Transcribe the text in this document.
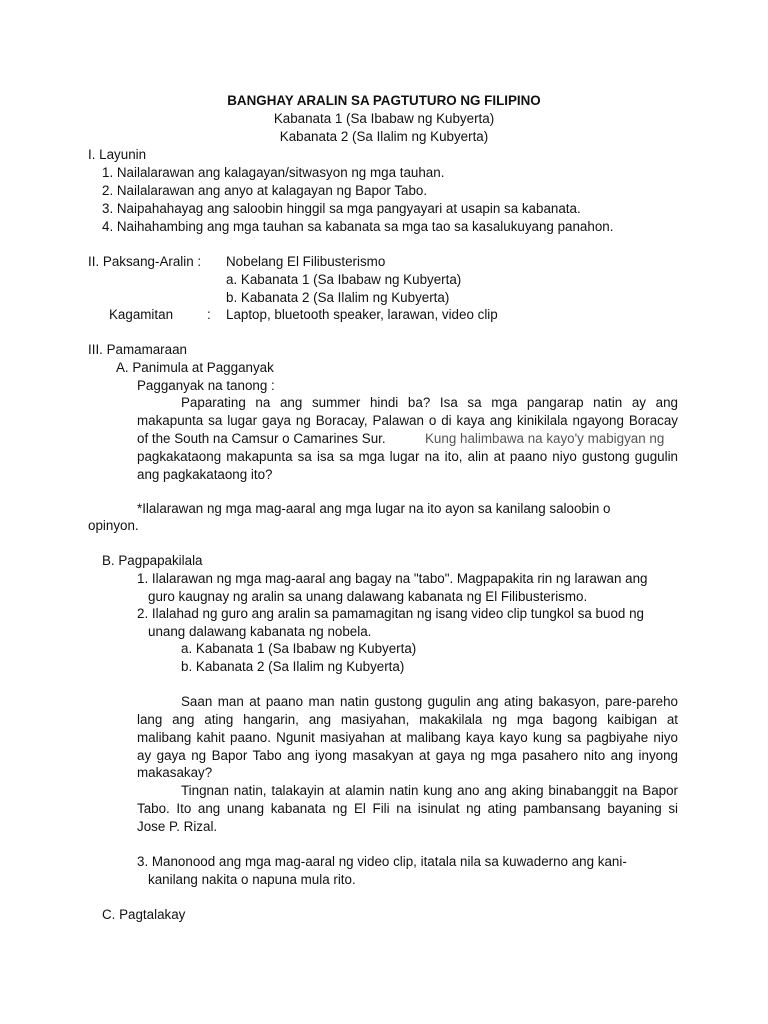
BANGHAY ARALIN SA PAGTUTURO NG FILIPINO
Kabanata 1 (Sa Ibabaw ng Kubyerta)
Kabanata 2 (Sa Ilalim ng Kubyerta)
I. Layunin
1. Nailalarawan ang kalagayan/sitwasyon ng mga tauhan.
2. Nailalarawan ang anyo at kalagayan ng Bapor Tabo.
3. Naipahahayag ang saloobin hinggil sa mga pangyayari at usapin sa kabanata.
4. Naihahambing ang mga tauhan sa kabanata sa mga tao sa kasalukuyang panahon.
II. Paksang-Aralin : Nobelang El Filibusterismo
a. Kabanata 1 (Sa Ibabaw ng Kubyerta)
b. Kabanata 2 (Sa Ilalim ng Kubyerta)
Kagamitan	: Laptop, bluetooth speaker, larawan, video clip
III. Pamamaraan
A. Panimula at Pagganyak
Pagganyak na tanong :
Paparating na ang summer hindi ba? Isa sa mga pangarap natin ay ang
makapunta sa lugar gaya ng Boracay, Palawan o di kaya ang kinikilala ngayong Boracay
of the South na Camsur o Camarines Sur.	Kung halimbawa na kayo'y mabigyan ng
pagkakataong makapunta sa isa sa mga lugar na ito, alin at paano niyo gustong gugulin
ang pagkakataong ito?
*Ilalarawan ng mga mag-aaral ang mga lugar na ito ayon sa kanilang saloobin o
opinyon.
B. Pagpapakilala
1. Ilalarawan ng mga mag-aaral ang bagay na "tabo". Magpapakita rin ng larawan ang
guro kaugnay ng aralin sa unang dalawang kabanata ng El Filibusterismo.
2. Ilalahad ng guro ang aralin sa pamamagitan ng isang video clip tungkol sa buod ng
unang dalawang kabanata ng nobela.
a. Kabanata 1 (Sa Ibabaw ng Kubyerta)
b. Kabanata 2 (Sa Ilalim ng Kubyerta)
Saan man at paano man natin gustong gugulin ang ating bakasyon, pare-pareho
lang ang ating hangarin, ang masiyahan, makakilala ng mga bagong kaibigan at
malibang kahit paano. Ngunit masiyahan at malibang kaya kayo kung sa pagbiyahe niyo
ay gaya ng Bapor Tabo ang iyong masakyan at gaya ng mga pasahero nito ang inyong
makasakay?
Tingnan natin, talakayin at alamin natin kung ano ang aking binabanggit na Bapor
Tabo. Ito ang unang kabanata ng El Fili na isinulat ng ating pambansang bayaning si
Jose P. Rizal.
3. Manonood ang mga mag-aaral ng video clip, itatala nila sa kuwaderno ang kani-
kanilang nakita o napuna mula rito.
C. Pagtalakay
